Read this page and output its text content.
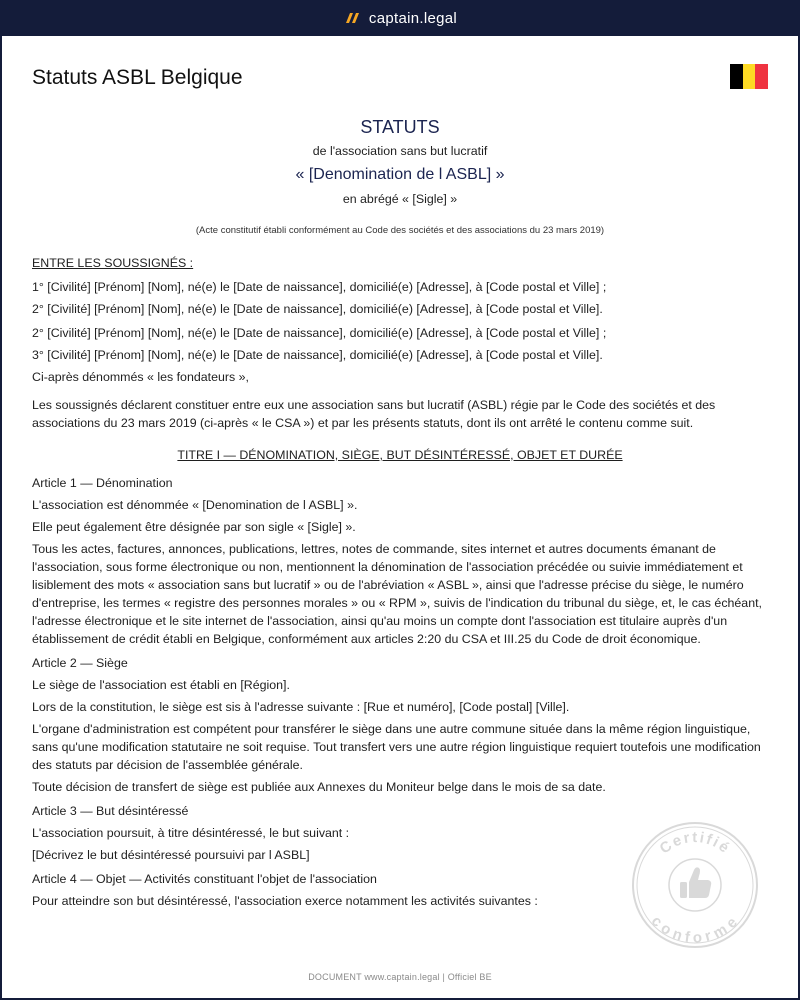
captain.legal
Statuts ASBL Belgique
STATUTS
de l'association sans but lucratif
« [Denomination de l ASBL] »
en abrégé « [Sigle] »
(Acte constitutif établi conformément au Code des sociétés et des associations du 23 mars 2019)

ENTRE LES SOUSSIGNÉS :

1° [Civilité] [Prénom] [Nom], né(e) le [Date de naissance], domicilié(e) [Adresse], à [Code postal et Ville] ;

2° [Civilité] [Prénom] [Nom], né(e) le [Date de naissance], domicilié(e) [Adresse], à [Code postal et Ville].

2° [Civilité] [Prénom] [Nom], né(e) le [Date de naissance], domicilié(e) [Adresse], à [Code postal et Ville] ;

3° [Civilité] [Prénom] [Nom], né(e) le [Date de naissance], domicilié(e) [Adresse], à [Code postal et Ville].

Ci-après dénommés « les fondateurs »,

Les soussignés déclarent constituer entre eux une association sans but lucratif (ASBL) régie par le Code des sociétés et des associations du 23 mars 2019 (ci-après « le CSA ») et par les présents statuts, dont ils ont arrêté le contenu comme suit.

TITRE I — DÉNOMINATION, SIÈGE, BUT DÉSINTÉRESSÉ, OBJET ET DURÉE

Article 1 — Dénomination

L'association est dénommée « [Denomination de l ASBL] ».

Elle peut également être désignée par son sigle « [Sigle] ».

Tous les actes, factures, annonces, publications, lettres, notes de commande, sites internet et autres documents émanant de l'association, sous forme électronique ou non, mentionnent la dénomination de l'association précédée ou suivie immédiatement et lisiblement des mots « association sans but lucratif » ou de l'abréviation « ASBL », ainsi que l'adresse précise du siège, le numéro d'entreprise, les termes « registre des personnes morales » ou « RPM », suivis de l'indication du tribunal du siège, et, le cas échéant, l'adresse électronique et le site internet de l'association, ainsi qu'au moins un compte dont l'association est titulaire auprès d'un établissement de crédit établi en Belgique, conformément aux articles 2:20 du CSA et III.25 du Code de droit économique.

Article 2 — Siège

Le siège de l'association est établi en [Région].

Lors de la constitution, le siège est sis à l'adresse suivante : [Rue et numéro], [Code postal] [Ville].

L'organe d'administration est compétent pour transférer le siège dans une autre commune située dans la même région linguistique, sans qu'une modification statutaire ne soit requise. Tout transfert vers une autre région linguistique requiert toutefois une modification des statuts par décision de l'assemblée générale.

Toute décision de transfert de siège est publiée aux Annexes du Moniteur belge dans le mois de sa date.

Article 3 — But désintéressé

L'association poursuit, à titre désintéressé, le but suivant :

[Décrivez le but désintéressé poursuivi par l ASBL]

Article 4 — Objet — Activités constituant l'objet de l'association

Pour atteindre son but désintéressé, l'association exerce notamment les activités suivantes :

Certifié
conforme
DOCUMENT www.captain.legal | Officiel BE
